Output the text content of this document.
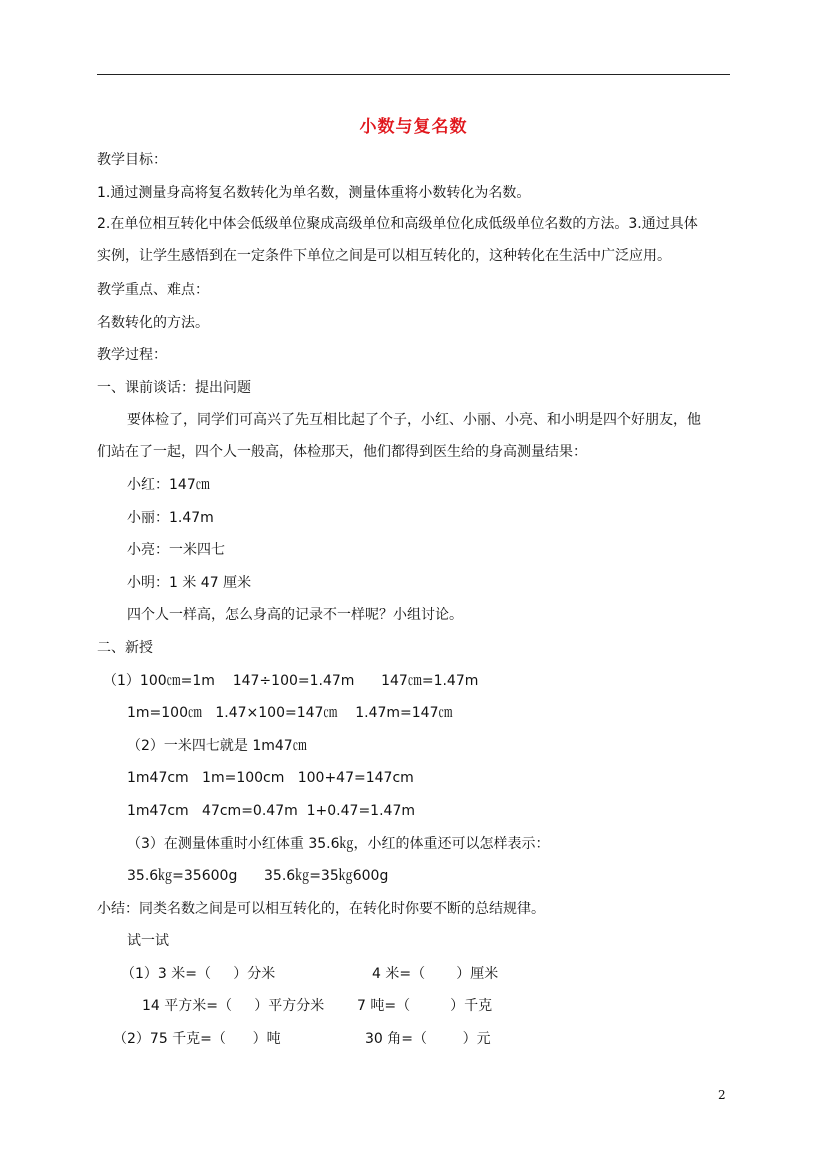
小数与复名数
教学目标：
1.通过测量身高将复名数转化为单名数，测量体重将小数转化为名数。
2.在单位相互转化中体会低级单位聚成高级单位和高级单位化成低级单位名数的方法。3.通过具体
实例，让学生感悟到在一定条件下单位之间是可以相互转化的，这种转化在生活中广泛应用。
教学重点、难点：
名数转化的方法。
教学过程：
一、课前谈话：提出问题
要体检了，同学们可高兴了先互相比起了个子，小红、小丽、小亮、和小明是四个好朋友，他
们站在了一起，四个人一般高，体检那天，他们都得到医生给的身高测量结果：
小红：147㎝
小丽：1.47m
小亮：一米四七
小明：1 米 47 厘米
四个人一样高，怎么身高的记录不一样呢？小组讨论。
二、新授
（1）100㎝=1m    147÷100=1.47m      147㎝=1.47m
1m=100㎝   1.47×100=147㎝    1.47m=147㎝
（2）一米四七就是 1m47㎝
1m47cm   1m=100cm   100+47=147cm
1m47cm   47cm=0.47m  1+0.47=1.47m
（3）在测量体重时小红体重 35.6㎏，小红的体重还可以怎样表示：
35.6㎏=35600g      35.6㎏=35㎏600g
小结：同类名数之间是可以相互转化的，在转化时你要不断的总结规律。
试一试
（1）3 米=（     ）分米	4 米=（       ）厘米
14 平方米=（     ）平方分米 7 吨=（         ）千克
（2）75 千克=（      ）吨	30 角=（        ）元
2
